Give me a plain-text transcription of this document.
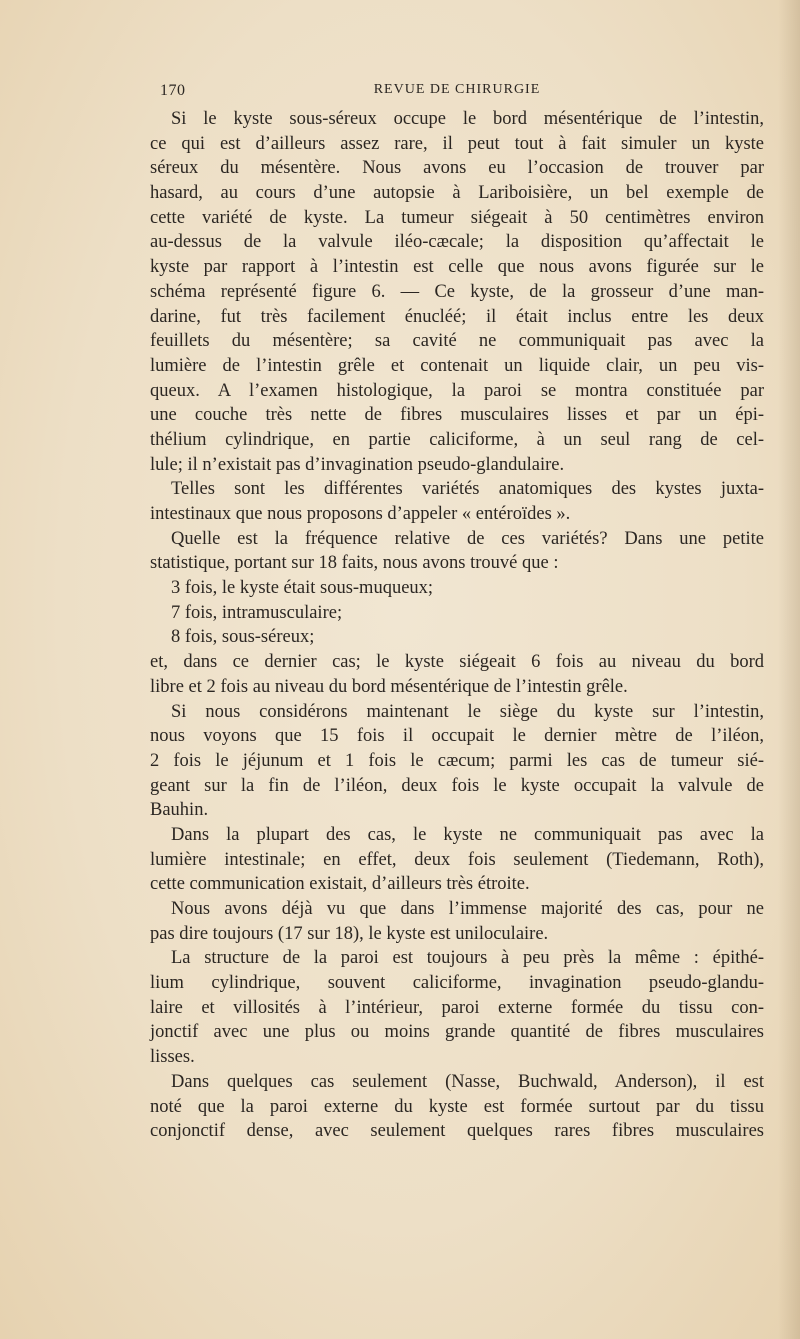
170	REVUE DE CHIRURGIE
Si le kyste sous-séreux occupe le bord mésentérique de l’intestin,
ce qui est d’ailleurs assez rare, il peut tout à fait simuler un kyste
séreux du mésentère. Nous avons eu l’occasion de trouver par
hasard, au cours d’une autopsie à Lariboisière, un bel exemple de
cette variété de kyste. La tumeur siégeait à 50 centimètres environ
au-dessus de la valvule iléo-cæcale; la disposition qu’affectait le
kyste par rapport à l’intestin est celle que nous avons figurée sur le
schéma représenté figure 6. — Ce kyste, de la grosseur d’une man-
darine, fut très facilement énucléé; il était inclus entre les deux
feuillets du mésentère; sa cavité ne communiquait pas avec la
lumière de l’intestin grêle et contenait un liquide clair, un peu vis-
queux. A l’examen histologique, la paroi se montra constituée par
une couche très nette de fibres musculaires lisses et par un épi-
thélium cylindrique, en partie caliciforme, à un seul rang de cel-
lule; il n’existait pas d’invagination pseudo-glandulaire.
Telles sont les différentes variétés anatomiques des kystes juxta-
intestinaux que nous proposons d’appeler « entéroïdes ».
Quelle est la fréquence relative de ces variétés? Dans une petite
statistique, portant sur 18 faits, nous avons trouvé que :
3 fois, le kyste était sous-muqueux;
7 fois, intramusculaire;
8 fois, sous-séreux;
et, dans ce dernier cas; le kyste siégeait 6 fois au niveau du bord
libre et 2 fois au niveau du bord mésentérique de l’intestin grêle.
Si nous considérons maintenant le siège du kyste sur l’intestin,
nous voyons que 15 fois il occupait le dernier mètre de l’iléon,
2 fois le jéjunum et 1 fois le cæcum; parmi les cas de tumeur sié-
geant sur la fin de l’iléon, deux fois le kyste occupait la valvule de
Bauhin.
Dans la plupart des cas, le kyste ne communiquait pas avec la
lumière intestinale; en effet, deux fois seulement (Tiedemann, Roth),
cette communication existait, d’ailleurs très étroite.
Nous avons déjà vu que dans l’immense majorité des cas, pour ne
pas dire toujours (17 sur 18), le kyste est uniloculaire.
La structure de la paroi est toujours à peu près la même : épithé-
lium cylindrique, souvent caliciforme, invagination pseudo-glandu-
laire et villosités à l’intérieur, paroi externe formée du tissu con-
jonctif avec une plus ou moins grande quantité de fibres musculaires
lisses.
Dans quelques cas seulement (Nasse, Buchwald, Anderson), il est
noté que la paroi externe du kyste est formée surtout par du tissu
conjonctif dense, avec seulement quelques rares fibres musculaires
